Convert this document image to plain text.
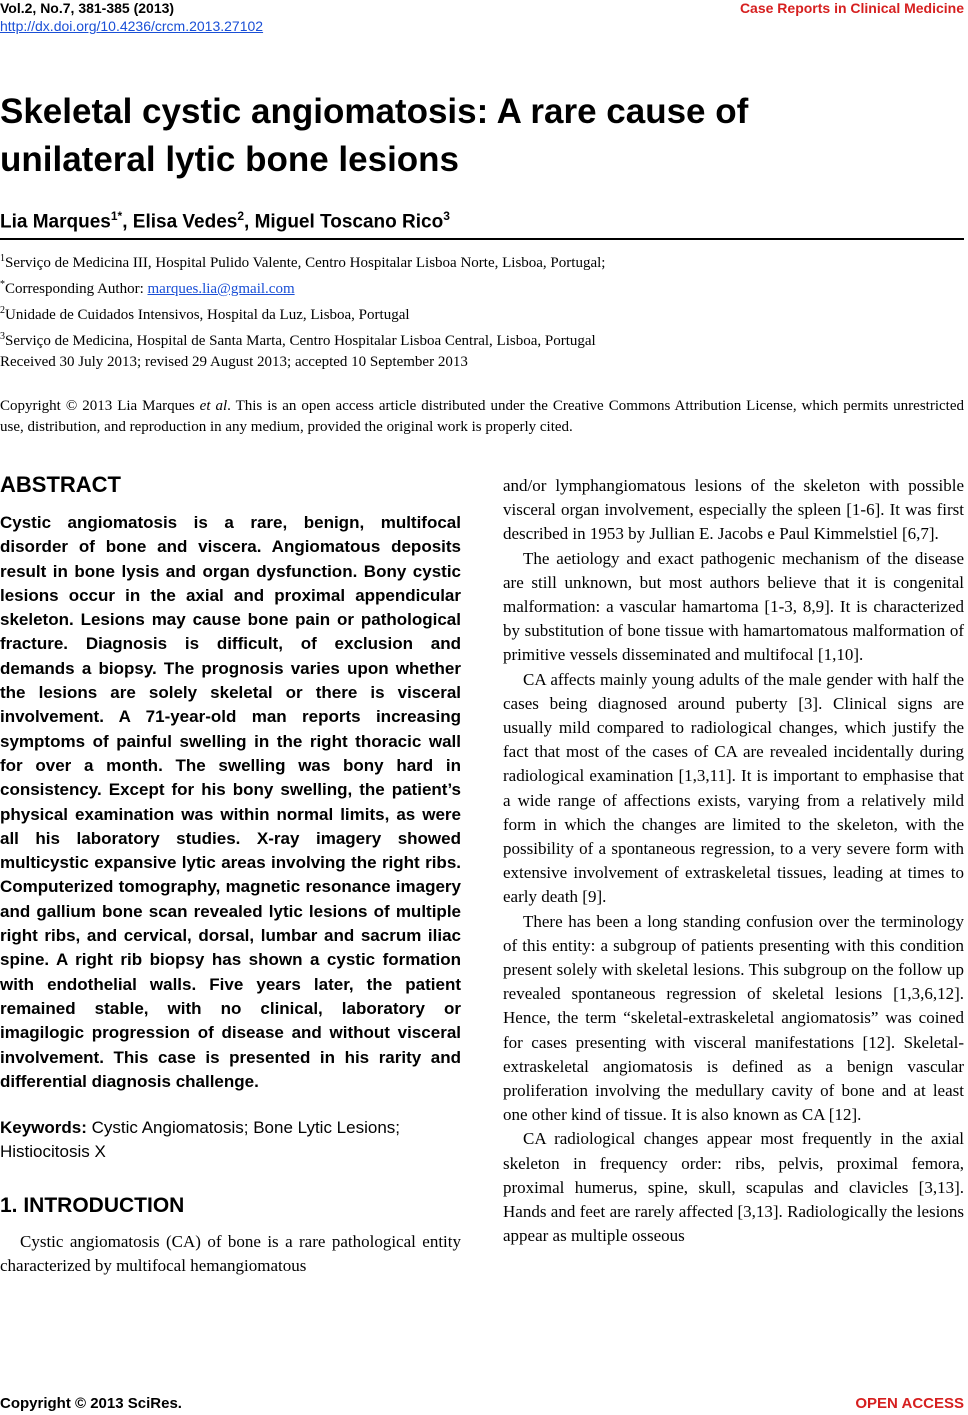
Vol.2, No.7, 381-385 (2013)
http://dx.doi.org/10.4236/crcm.2013.27102
Case Reports in Clinical Medicine
Skeletal cystic angiomatosis: A rare cause of unilateral lytic bone lesions
Lia Marques$^{1*}$, Elisa Vedes$^2$, Miguel Toscano Rico$^3$
$^1$Serviço de Medicina III, Hospital Pulido Valente, Centro Hospitalar Lisboa Norte, Lisboa, Portugal;
*Corresponding Author: marques.lia@gmail.com
$^2$Unidade de Cuidados Intensivos, Hospital da Luz, Lisboa, Portugal
$^3$Serviço de Medicina, Hospital de Santa Marta, Centro Hospitalar Lisboa Central, Lisboa, Portugal
Received 30 July 2013; revised 29 August 2013; accepted 10 September 2013
Copyright © 2013 Lia Marques et al. This is an open access article distributed under the Creative Commons Attribution License, which permits unrestricted use, distribution, and reproduction in any medium, provided the original work is properly cited.
ABSTRACT

Cystic angiomatosis is a rare, benign, multifocal disorder of bone and viscera. Angiomatous deposits result in bone lysis and organ dysfunction. Bony cystic lesions occur in the axial and proximal appendicular skeleton. Lesions may cause bone pain or pathological fracture. Diagnosis is difficult, of exclusion and demands a biopsy. The prognosis varies upon whether the lesions are solely skeletal or there is visceral involvement. A 71-year-old man reports increasing symptoms of painful swelling in the right thoracic wall for over a month. The swelling was bony hard in consistency. Except for his bony swelling, the patient’s physical examination was within normal limits, as were all his laboratory studies. X-ray imagery showed multicystic expansive lytic areas involving the right ribs. Computerized tomography, magnetic resonance imagery and gallium bone scan revealed lytic lesions of multiple right ribs, and cervical, dorsal, lumbar and sacrum iliac spine. A right rib biopsy has shown a cystic formation with endothelial walls. Five years later, the patient remained stable, with no clinical, laboratory or imagilogic progression of disease and without visceral involvement. This case is presented in his rarity and differential diagnosis challenge.

Keywords: Cystic Angiomatosis; Bone Lytic Lesions; Histiocitosis X

1. INTRODUCTION

Cystic angiomatosis (CA) of bone is a rare pathological entity characterized by multifocal hemangiomatous

and/or lymphangiomatous lesions of the skeleton with possible visceral organ involvement, especially the spleen [1-6]. It was first described in 1953 by Jullian E. Jacobs e Paul Kimmelstiel [6,7].

The aetiology and exact pathogenic mechanism of the disease are still unknown, but most authors believe that it is congenital malformation: a vascular hamartoma [1-3, 8,9]. It is characterized by substitution of bone tissue with hamartomatous malformation of primitive vessels disseminated and multifocal [1,10].

CA affects mainly young adults of the male gender with half the cases being diagnosed around puberty [3]. Clinical signs are usually mild compared to radiological changes, which justify the fact that most of the cases of CA are revealed incidentally during radiological examination [1,3,11]. It is important to emphasise that a wide range of affections exists, varying from a relatively mild form in which the changes are limited to the skeleton, with the possibility of a spontaneous regression, to a very severe form with extensive involvement of extraskeletal tissues, leading at times to early death [9].

There has been a long standing confusion over the terminology of this entity: a subgroup of patients presenting with this condition present solely with skeletal lesions. This subgroup on the follow up revealed spontaneous regression of skeletal lesions [1,3,6,12]. Hence, the term “skeletal-extraskeletal angiomatosis” was coined for cases presenting with visceral manifestations [12]. Skeletal-extraskeletal angiomatosis is defined as a benign vascular proliferation involving the medullary cavity of bone and at least one other kind of tissue. It is also known as CA [12].

CA radiological changes appear most frequently in the axial skeleton in frequency order: ribs, pelvis, proximal femora, proximal humerus, spine, skull, scapulas and clavicles [3,13]. Hands and feet are rarely affected [3,13]. Radiologically the lesions appear as multiple osseous

Copyright © 2013 SciRes.	OPEN ACCESS
